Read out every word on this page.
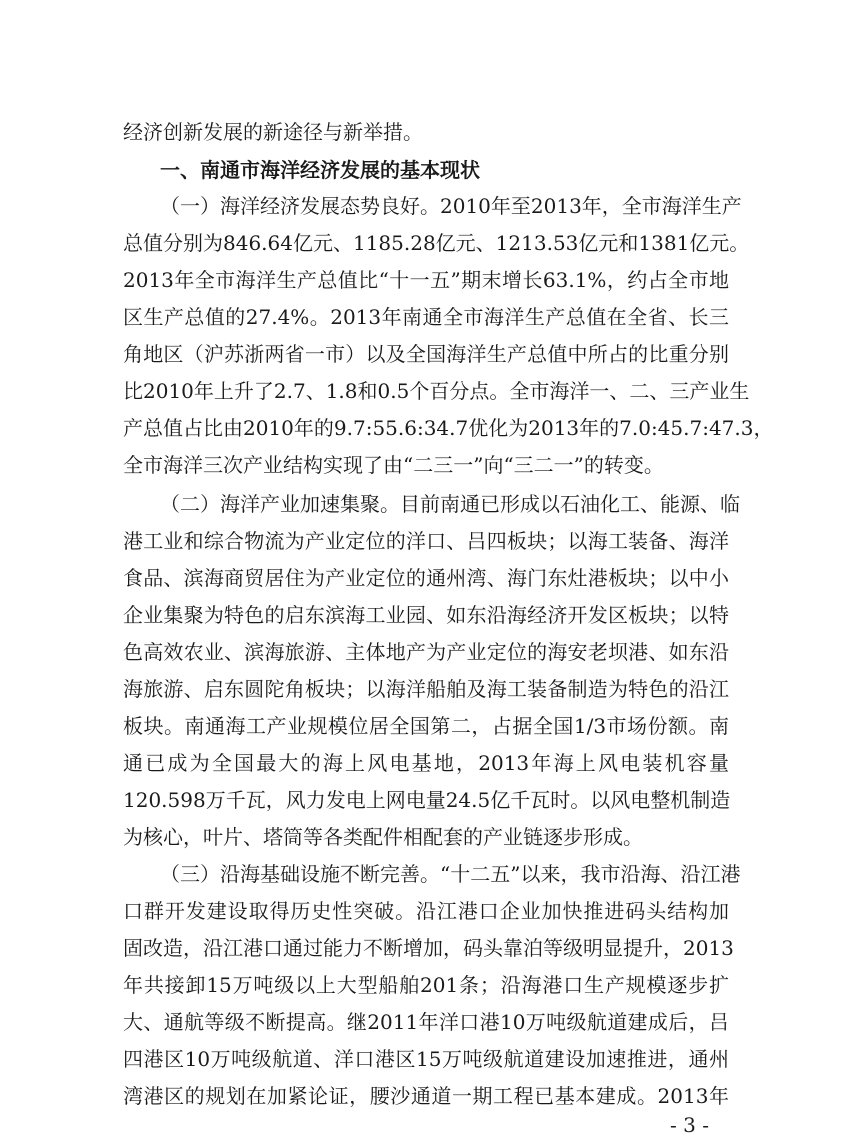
经济创新发展的新途径与新举措。
一、南通市海洋经济发展的基本现状
（一）海洋经济发展态势良好。2010年至2013年，全市海洋生产
总值分别为846.64亿元、1185.28亿元、1213.53亿元和1381亿元。
2013年全市海洋生产总值比“十一五”期末增长63.1%，约占全市地
区生产总值的27.4%。2013年南通全市海洋生产总值在全省、长三
角地区（沪苏浙两省一市）以及全国海洋生产总值中所占的比重分别
比2010年上升了2.7、1.8和0.5个百分点。全市海洋一、二、三产业生
产总值占比由2010年的9.7:55.6:34.7优化为2013年的7.0:45.7:47.3，
全市海洋三次产业结构实现了由“二三一”向“三二一”的转变。
（二）海洋产业加速集聚。目前南通已形成以石油化工、能源、临
港工业和综合物流为产业定位的洋口、吕四板块；以海工装备、海洋
食品、滨海商贸居住为产业定位的通州湾、海门东灶港板块；以中小
企业集聚为特色的启东滨海工业园、如东沿海经济开发区板块；以特
色高效农业、滨海旅游、主体地产为产业定位的海安老坝港、如东沿
海旅游、启东圆陀角板块；以海洋船舶及海工装备制造为特色的沿江
板块。南通海工产业规模位居全国第二，占据全国1/3市场份额。南
通已成为全国最大的海上风电基地，2013年海上风电装机容量
120.598万千瓦，风力发电上网电量24.5亿千瓦时。以风电整机制造
为核心，叶片、塔筒等各类配件相配套的产业链逐步形成。
（三）沿海基础设施不断完善。“十二五”以来，我市沿海、沿江港
口群开发建设取得历史性突破。沿江港口企业加快推进码头结构加
固改造，沿江港口通过能力不断增加，码头靠泊等级明显提升，2013
年共接卸15万吨级以上大型船舶201条；沿海港口生产规模逐步扩
大、通航等级不断提高。继2011年洋口港10万吨级航道建成后，吕
四港区10万吨级航道、洋口港区15万吨级航道建设加速推进，通州
湾港区的规划在加紧论证，腰沙通道一期工程已基本建成。2013年
- 3 -
